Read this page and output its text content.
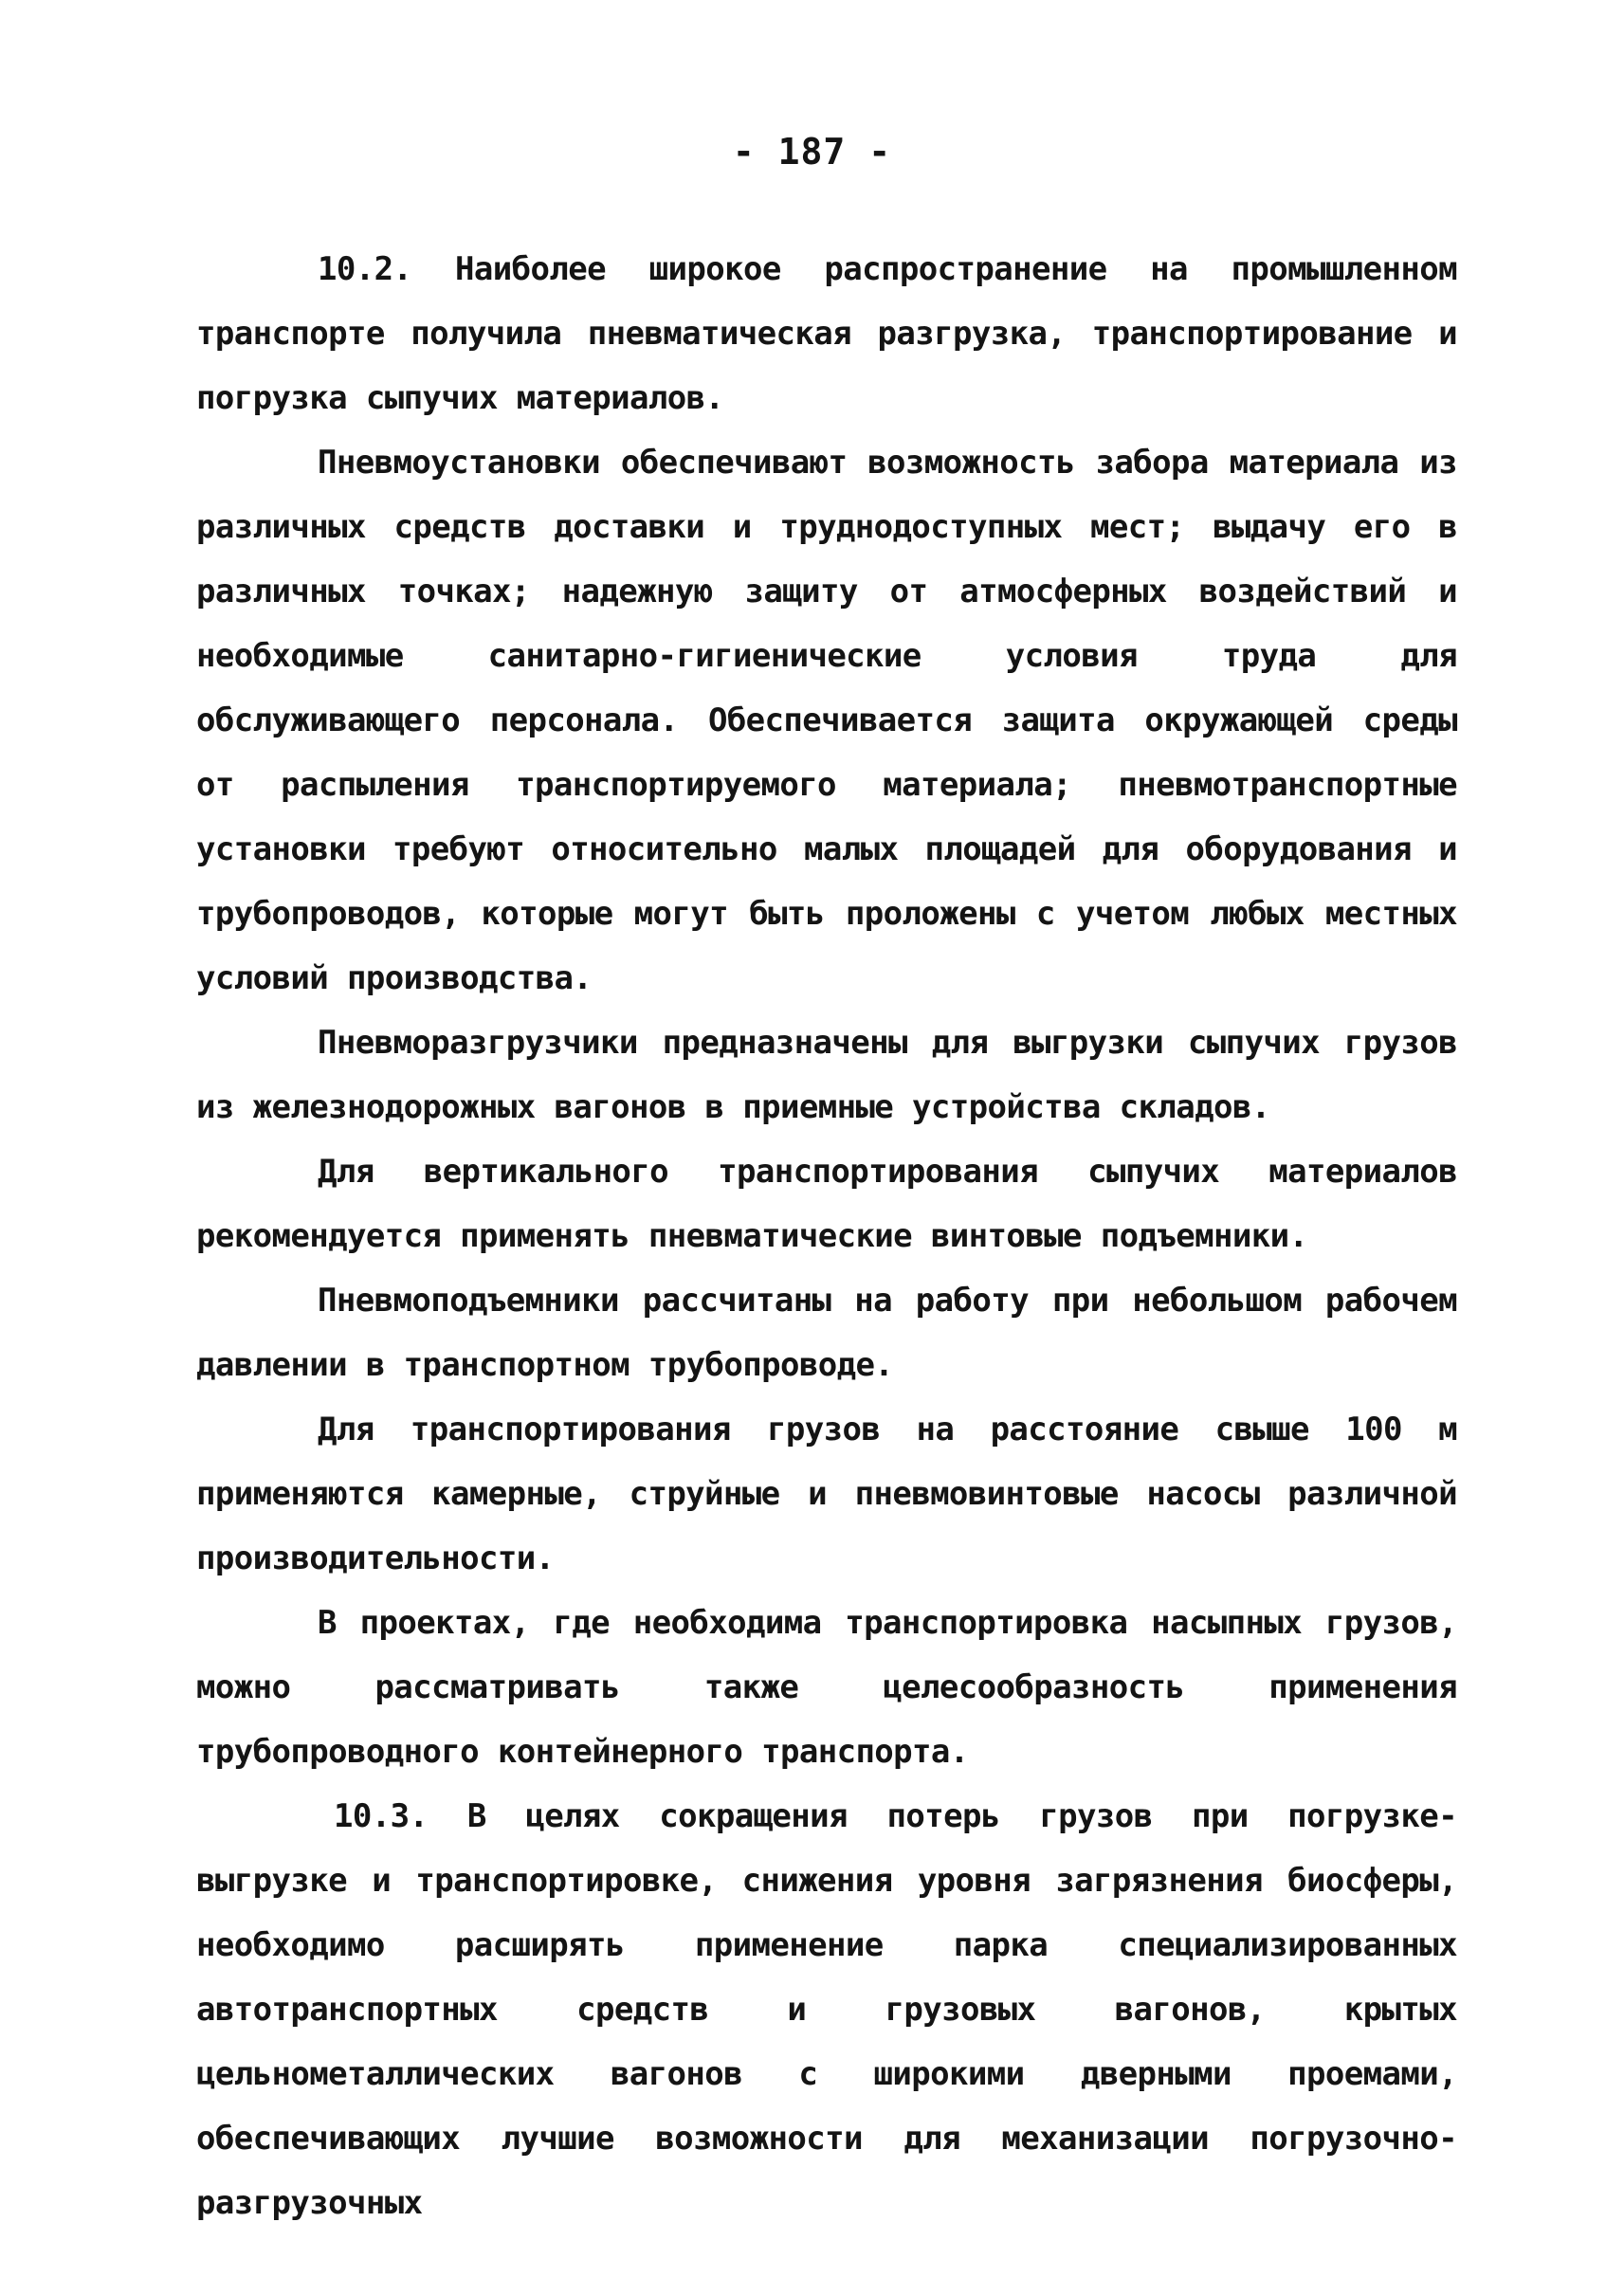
- 187 -

10.2. Наиболее широкое распространение на промышленном транспорте получила пневматическая разгрузка, транспортирование и погрузка сыпучих материалов.

Пневмоустановки обеспечивают возможность забора материала из различных средств доставки и труднодоступных мест; выдачу его в различных точках; надежную защиту от атмосферных воздействий и необходимые санитарно-гигиенические условия труда для обслуживающего персонала. Обеспечивается защита окружающей среды от распыления транспортируемого материала; пневмотранспортные установки требуют относительно малых площадей для оборудования и трубопроводов, которые могут быть проложены с учетом любых местных условий производства.

Пневморазгрузчики предназначены для выгрузки сыпучих грузов из железнодорожных вагонов в приемные устройства складов.

Для вертикального транспортирования сыпучих материалов рекомендуется применять пневматические винтовые подъемники.

Пневмоподъемники рассчитаны на работу при небольшом рабочем давлении в транспортном трубопроводе.

Для транспортирования грузов на расстояние свыше 100 м применяются камерные, струйные и пневмовинтовые насосы различной производительности.

В проектах, где необходима транспортировка насыпных грузов, можно рассматривать также целесообразность применения трубопроводного контейнерного транспорта.

10.3. В целях сокращения потерь грузов при погрузке-выгрузке и транспортировке, снижения уровня загрязнения биосферы, необходимо расширять применение парка специализированных автотранспортных средств и грузовых вагонов, крытых цельнометаллических вагонов с широкими дверными проемами, обеспечивающих лучшие возможности для механизации погрузочно-разгрузочных
